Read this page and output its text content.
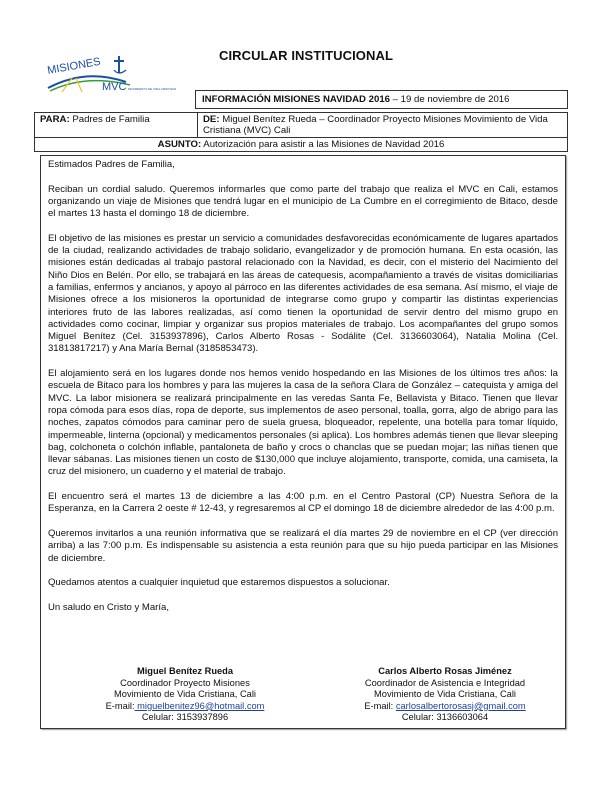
CIRCULAR INSTITUCIONAL
MISIONES
MVC MOVIMIENTO DE VIDA CRISTIANA
INFORMACIÓN MISIONES NAVIDAD 2016 – 19 de noviembre de 2016
PARA: Padres de Familia	DE: Miguel Benítez Rueda – Coordinador Proyecto Misiones Movimiento de Vida Cristiana (MVC) Cali
ASUNTO: Autorización para asistir a las Misiones de Navidad 2016

Estimados Padres de Familia,

Reciban un cordial saludo. Queremos informarles que como parte del trabajo que realiza el MVC en Cali, estamos organizando un viaje de Misiones que tendrá lugar en el municipio de La Cumbre en el corregimiento de Bitaco, desde el martes 13 hasta el domingo 18 de diciembre.

El objetivo de las misiones es prestar un servicio a comunidades desfavorecidas económicamente de lugares apartados de la ciudad, realizando actividades de trabajo solidario, evangelizador y de promoción humana. En esta ocasión, las misiones están dedicadas al trabajo pastoral relacionado con la Navidad, es decir, con el misterio del Nacimiento del Niño Dios en Belén. Por ello, se trabajará en las áreas de catequesis, acompañamiento a través de visitas domiciliarias a familias, enfermos y ancianos, y apoyo al párroco en las diferentes actividades de esa semana. Así mismo, el viaje de Misiones ofrece a los misioneros la oportunidad de integrarse como grupo y compartir las distintas experiencias interiores fruto de las labores realizadas, así como tienen la oportunidad de servir dentro del mismo grupo en actividades como cocinar, limpiar y organizar sus propios materiales de trabajo. Los acompañantes del grupo somos Miguel Benítez (Cel. 3153937896), Carlos Alberto Rosas - Sodálite (Cel. 3136603064), Natalia Molina (Cel. 31813817217) y Ana María Bernal (3185853473).

El alojamiento será en los lugares donde nos hemos venido hospedando en las Misiones de los últimos tres años: la escuela de Bitaco para los hombres y para las mujeres la casa de la señora Clara de González – catequista y amiga del MVC. La labor misionera se realizará principalmente en las veredas Santa Fe, Bellavista y Bitaco. Tienen que llevar ropa cómoda para esos días, ropa de deporte, sus implementos de aseo personal, toalla, gorra, algo de abrigo para las noches, zapatos cómodos para caminar pero de suela gruesa, bloqueador, repelente, una botella para tomar líquido, impermeable, linterna (opcional) y medicamentos personales (si aplica). Los hombres además tienen que llevar sleeping bag, colchoneta o colchón inflable, pantaloneta de baño y crocs o chanclas que se puedan mojar; las niñas tienen que llevar sábanas. Las misiones tienen un costo de $130,000 que incluye alojamiento, transporte, comida, una camiseta, la cruz del misionero, un cuaderno y el material de trabajo.

El encuentro será el martes 13 de diciembre a las 4:00 p.m. en el Centro Pastoral (CP) Nuestra Señora de la Esperanza, en la Carrera 2 oeste # 12-43, y regresaremos al CP el domingo 18 de diciembre alrededor de las 4:00 p.m.

Queremos invitarlos a una reunión informativa que se realizará el día martes 29 de noviembre en el CP (ver dirección arriba) a las 7:00 p.m. Es indispensable su asistencia a esta reunión para que su hijo pueda participar en las Misiones de diciembre.

Quedamos atentos a cualquier inquietud que estaremos dispuestos a solucionar.

Un saludo en Cristo y María,

Miguel Benítez Rueda
Coordinador Proyecto Misiones
Movimiento de Vida Cristiana, Cali
E-mail: miguelbenitez96@hotmail.com
Celular: 3153937896
Carlos Alberto Rosas Jiménez
Coordinador de Asistencia e Integridad
Movimiento de Vida Cristiana, Cali
E-mail: carlosalbertorosasj@gmail.com
Celular: 3136603064
